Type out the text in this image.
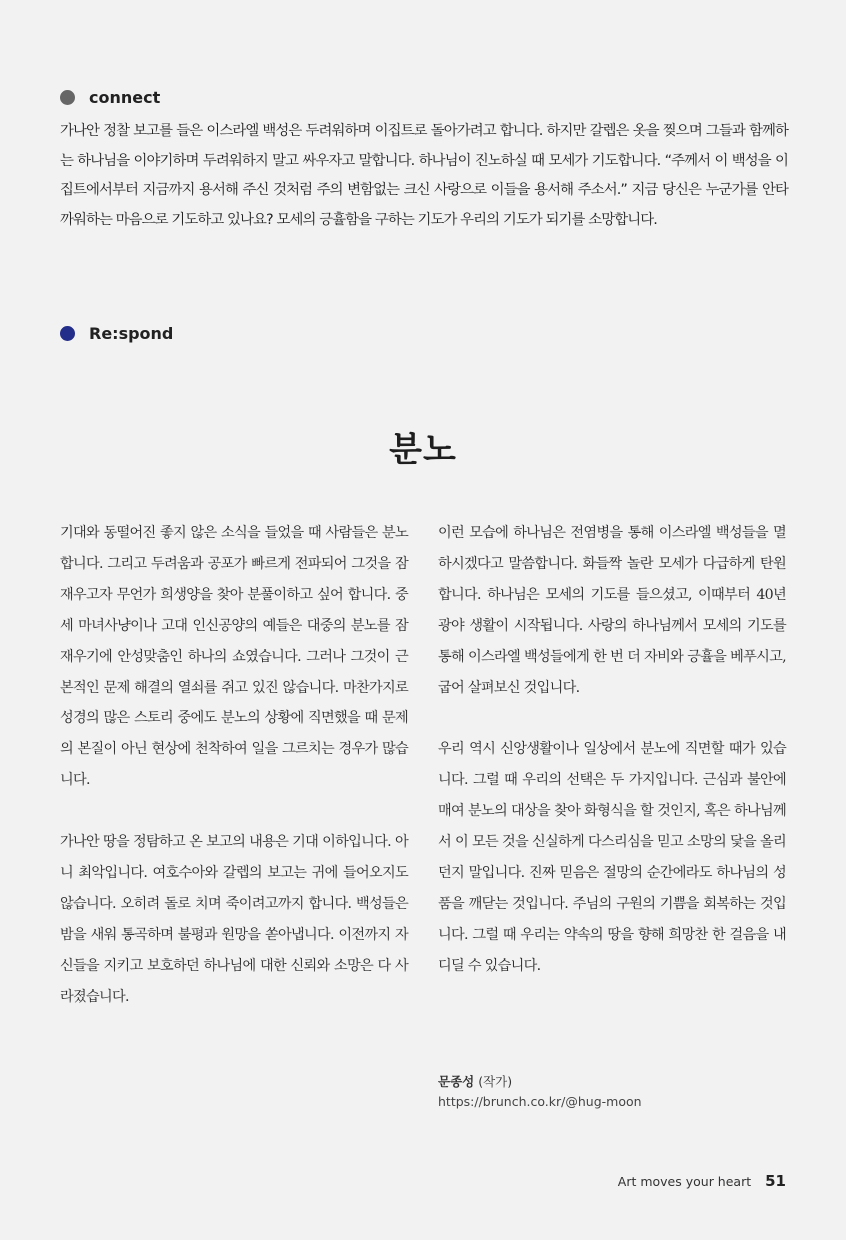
connect
가나안 정찰 보고를 들은 이스라엘 백성은 두려워하며 이집트로 돌아가려고 합니다. 하지만 갈렙은 옷을 찢으며 그들과 함께하는 하나님을 이야기하며 두려워하지 말고 싸우자고 말합니다. 하나님이 진노하실 때 모세가 기도합니다. “주께서 이 백성을 이집트에서부터 지금까지 용서해 주신 것처럼 주의 변함없는 크신 사랑으로 이들을 용서해 주소서.” 지금 당신은 누군가를 안타까워하는 마음으로 기도하고 있나요? 모세의 긍휼함을 구하는 기도가 우리의 기도가 되기를 소망합니다.
Re:spond
분노

기대와 동떨어진 좋지 않은 소식을 들었을 때 사람들은 분노합니다. 그리고 두려움과 공포가 빠르게 전파되어 그것을 잠재우고자 무언가 희생양을 찾아 분풀이하고 싶어 합니다. 중세 마녀사냥이나 고대 인신공양의 예들은 대중의 분노를 잠재우기에 안성맞춤인 하나의 쇼였습니다. 그러나 그것이 근본적인 문제 해결의 열쇠를 쥐고 있진 않습니다. 마찬가지로 성경의 많은 스토리 중에도 분노의 상황에 직면했을 때 문제의 본질이 아닌 현상에 천착하여 일을 그르치는 경우가 많습니다.

가나안 땅을 정탐하고 온 보고의 내용은 기대 이하입니다. 아니 최악입니다. 여호수아와 갈렙의 보고는 귀에 들어오지도 않습니다. 오히려 돌로 치며 죽이려고까지 합니다. 백성들은 밤을 새워 통곡하며 불평과 원망을 쏟아냅니다. 이전까지 자신들을 지키고 보호하던 하나님에 대한 신뢰와 소망은 다 사라졌습니다.

이런 모습에 하나님은 전염병을 통해 이스라엘 백성들을 멸하시겠다고 말씀합니다. 화들짝 놀란 모세가 다급하게 탄원합니다. 하나님은 모세의 기도를 들으셨고, 이때부터 40년 광야 생활이 시작됩니다. 사랑의 하나님께서 모세의 기도를 통해 이스라엘 백성들에게 한 번 더 자비와 긍휼을 베푸시고, 굽어 살펴보신 것입니다.

우리 역시 신앙생활이나 일상에서 분노에 직면할 때가 있습니다. 그럴 때 우리의 선택은 두 가지입니다. 근심과 불안에 매여 분노의 대상을 찾아 화형식을 할 것인지, 혹은 하나님께서 이 모든 것을 신실하게 다스리심을 믿고 소망의 닻을 올리던지 말입니다. 진짜 믿음은 절망의 순간에라도 하나님의 성품을 깨닫는 것입니다. 주님의 구원의 기쁨을 회복하는 것입니다. 그럴 때 우리는 약속의 땅을 향해 희망찬 한 걸음을 내디딜 수 있습니다.

문종성 (작가)
https://brunch.co.kr/@hug-moon
Art moves your heart 51
